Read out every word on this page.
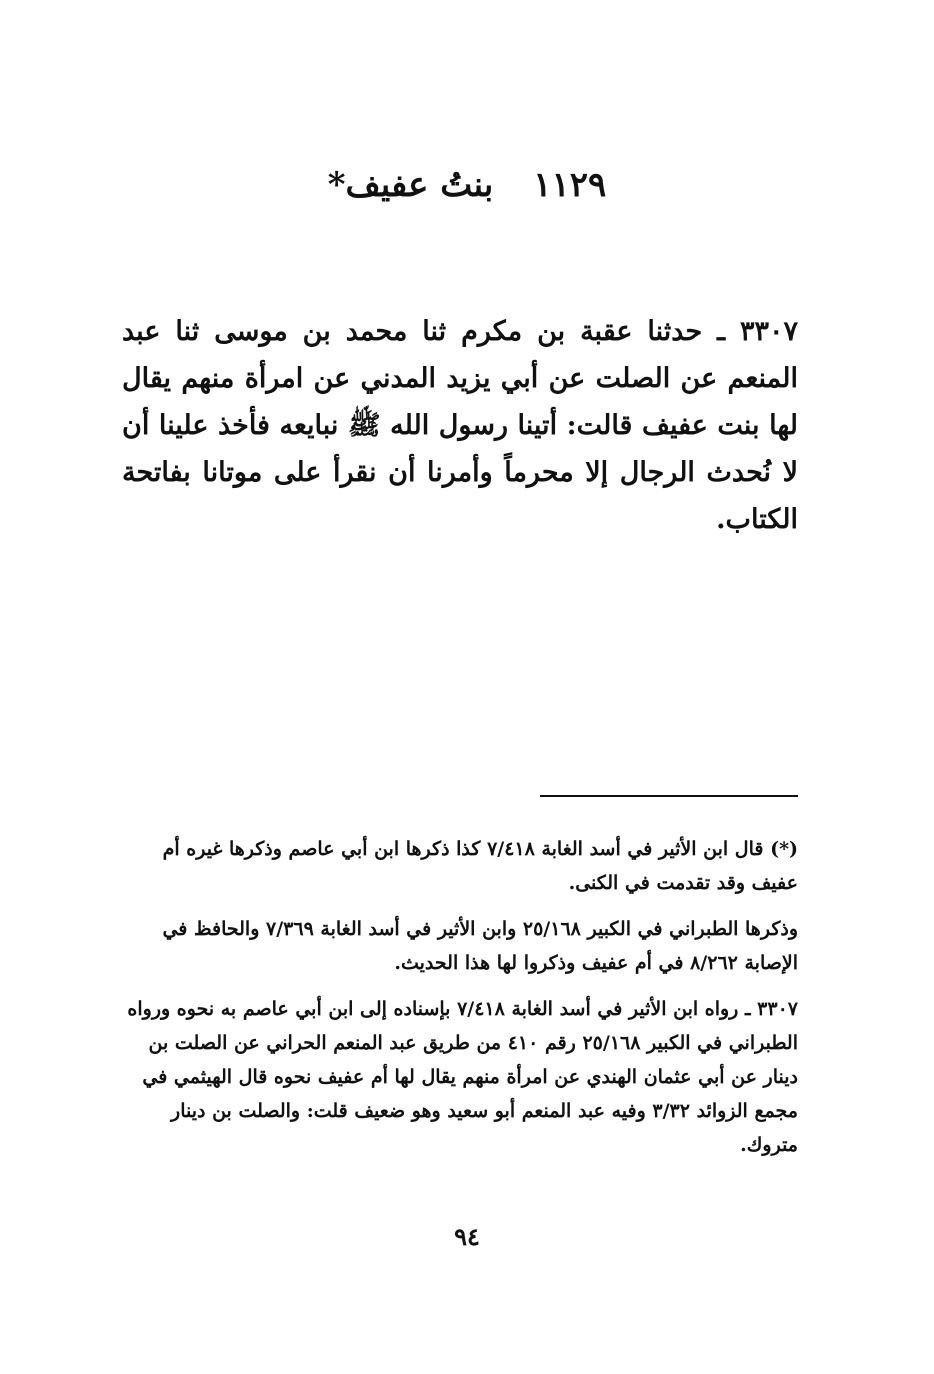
١١٢٩ بنتُ عفيف*
٣٣٠٧ ـ حدثنا عقبة بن مكرم ثنا محمد بن موسى ثنا عبد المنعم عن الصلت عن أبي يزيد المدني عن امرأة منهم يقال لها بنت عفيف قالت: أتينا رسول الله ﷺ نبايعه فأخذ علينا أن لا نُحدث الرجال إلا محرماً وأمرنا أن نقرأ على موتانا بفاتحة الكتاب.

(*) قال ابن الأثير في أسد الغابة ٧/٤١٨ كذا ذكرها ابن أبي عاصم وذكرها غيره أم عفيف وقد تقدمت في الكنى.

وذكرها الطبراني في الكبير ٢٥/١٦٨ وابن الأثير في أسد الغابة ٧/٣٦٩ والحافظ في الإصابة ٨/٢٦٢ في أم عفيف وذكروا لها هذا الحديث.

٣٣٠٧ ـ رواه ابن الأثير في أسد الغابة ٧/٤١٨ بإسناده إلى ابن أبي عاصم به نحوه ورواه الطبراني في الكبير ٢٥/١٦٨ رقم ٤١٠ من طريق عبد المنعم الحراني عن الصلت بن دينار عن أبي عثمان الهندي عن امرأة منهم يقال لها أم عفيف نحوه قال الهيثمي في مجمع الزوائد ٣/٣٢ وفيه عبد المنعم أبو سعيد وهو ضعيف قلت: والصلت بن دينار متروك.

٩٤
